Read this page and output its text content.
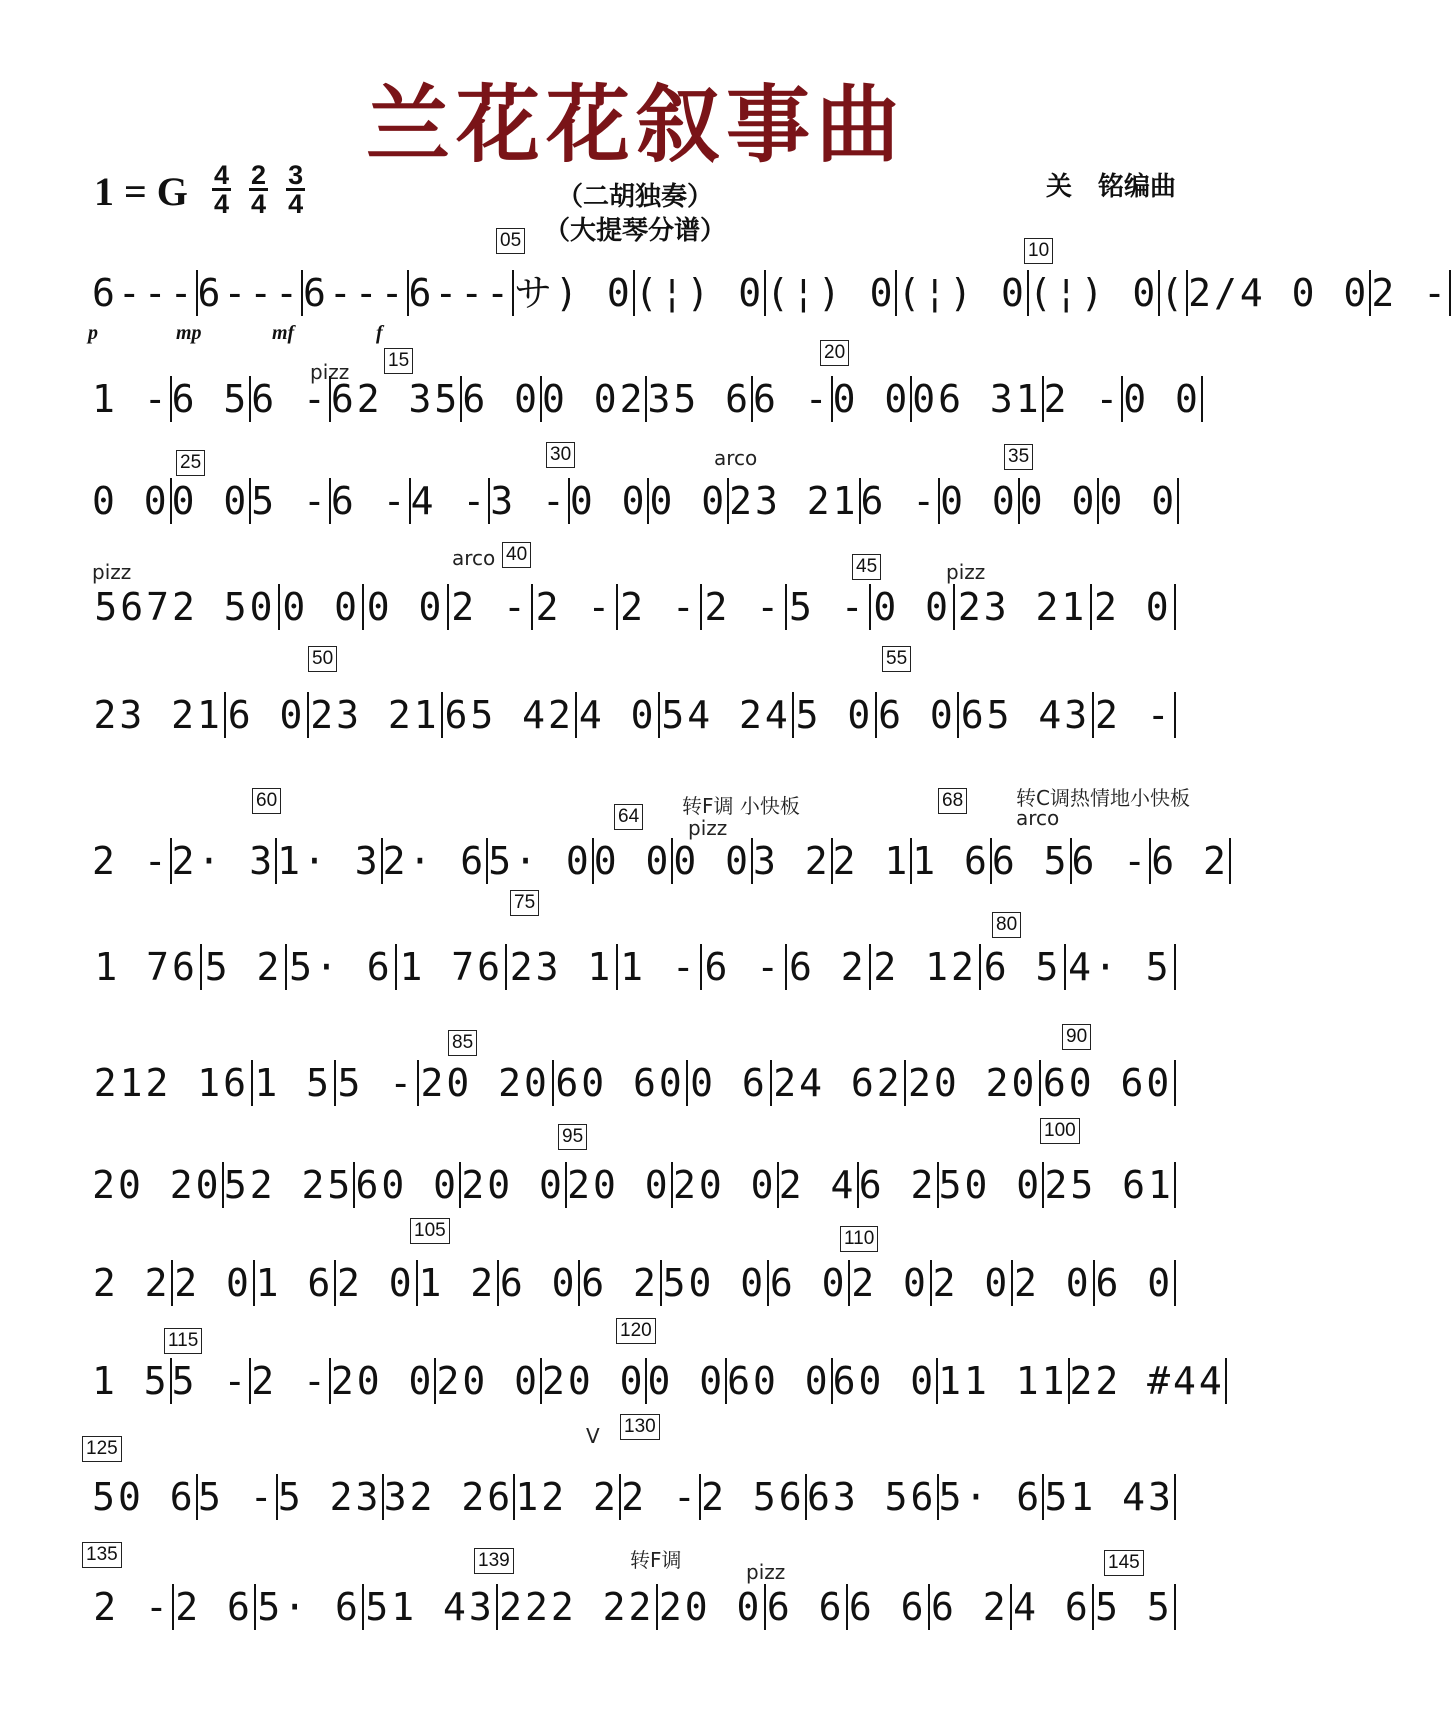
兰花花叙事曲
1 = G $\frac{4}{4} \frac{2}{4} \frac{3}{4}$	（二胡独奏）
（大提琴分谱）
关　铭编曲
p	mp	mf	f
05	10
15	20
25	30	35
40
45
50	55
60
64
68
75
80
85	90
95	100
105	110
115	120
125
130
135	139	145
pizz
pizz
arco
arco
pizz
转F调 小快板
pizz
转C调热情地小快板
arco
V
转F调	pizz
6--- 6--- 6--- 6--- サ) 0 (¦) 0 (¦) 0 (¦) 0 (¦) 0 ( 2/4 0 0 2 -
1 - 6 5 6 - 62 35 6 0 0 02 35 6 6 - 0 0 06 31 2 - 0 0
0 0 0 0 5 - 6 - 4 - 3 - 0 0 0 0 23 21 6 - 0 0 0 0 0 0
5672 50 0 0 0 0 2 - 2 - 2 - 2 - 5 - 0 0 23 21 2 0
23 21 6 0 23 21 65 42 4 0 54 24 5 0 6 0 65 43 2 -
2 - 2· 3 1· 3 2· 6 5· 0 0 0 0 0 3 2 2 1 1 6 6 5 6 - 6 2
1 76 5 2 5· 6 1 76 23 1 1 - 6 - 6 2 2 12 6 5 4· 5
212 16 1 5 5 - 20 20 60 60 0 6 24 62 20 20 60 60
20 20 52 25 60 0 20 0 20 0 20 0 2 4 6 2 50 0 25 61
2 2 2 0 1 6 2 0 1 2 6 0 6 2 50 0 6 0 2 0 2 0 2 0 6 0
1 5 5 - 2 - 20 0 20 0 20 0 0 0 60 0 60 0 11 11 22 #44
50 6 5 - 5 23 32 26 12 2 2 - 2 56 63 56 5· 6 51 43
2 - 2 6 5· 6 51 43 222 22 20 0 6 6 6 6 6 2 4 6 5 5
